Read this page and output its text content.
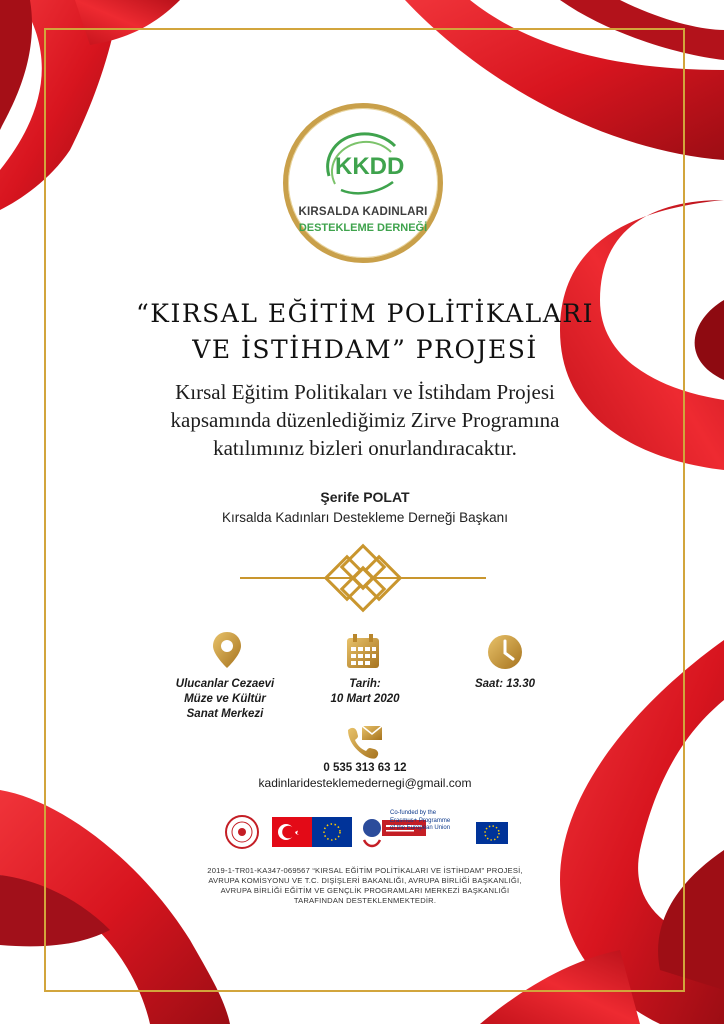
KKDD
KIRSALDA KADINLARI
DESTEKLEME DERNEĞİ
“KIRSAL EĞİTİM POLİTİKALARI
VE İSTİHDAM” PROJESİ
Kırsal Eğitim Politikaları ve İstihdam Projesi
kapsamında düzenlediğimiz Zirve Programına
katılımınız bizleri onurlandıracaktır.
Şerife POLAT
Kırsalda Kadınları Destekleme Derneği Başkanı
Ulucanlar Cezaevi
Müze ve Kültür
Sanat Merkezi
Tarih:
10 Mart 2020
Saat: 13.30
0 535 313 63 12
kadinlaridesteklemedernegi@gmail.com
Co-funded by the
Erasmus+ Programme
of the European Union
2019-1-TR01-KA347-069567 “KIRSAL EĞİTİM POLİTİKALARI VE İSTİHDAM” PROJESİ,
AVRUPA KOMİSYONU VE T.C. DIŞİŞLERİ BAKANLIĞI, AVRUPA BİRLİĞİ BAŞKANLIĞI,
AVRUPA BİRLİĞİ EĞİTİM VE GENÇLİK PROGRAMLARI MERKEZİ BAŞKANLIĞI
TARAFINDAN DESTEKLENMEKTEDİR.
